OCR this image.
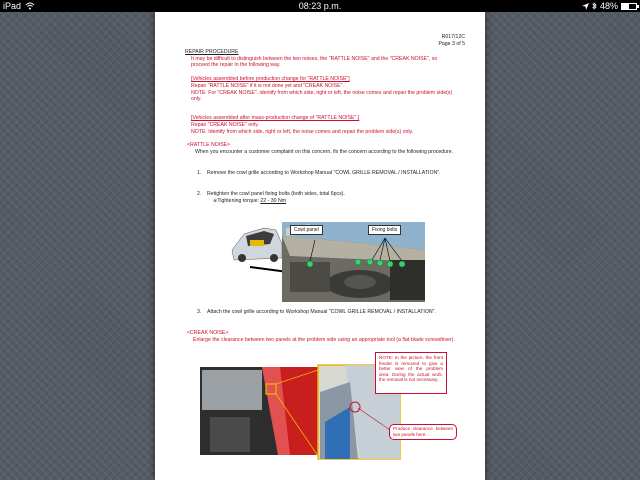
iPad	08:23 p.m.	48%
R017/12C
Page 3 of 5
REPAIR PROCEDURE
It may be difficult to distinguish between the two noises, the "RATTLE NOISE" and the "CREAK NOISE", so proceed the repair in the following way.
[Vehicles assembled before production change for "RATTLE NOISE"]
Repair "RATTLE NOISE" if it is not done yet and "CREAK NOISE".
NOTE: For "CREAK NOISE", identify from which side, right or left, the noise comes and repair the problem side(s) only.
[Vehicles assembled after mass-production change of "RATTLE NOISE".]
Repair "CREAK NOISE" only.
NOTE: Identify from which side, right or left, the noise comes and repair the problem side(s) only.
<RATTLE NOISE>
When you encounter a customer complaint on this concern, fix the concern according to the following procedure.
1. Remove the cowl grille according to Workshop Manual "COWL GRILLE REMOVAL / INSTALLATION".
2. Retighten the cowl panel fixing bolts (both sides, total 6pcs).
※Tightening torque: 22 - 30 Nm
Cowl panel	Fixing bolts
3. Attach the cowl grille according to Workshop Manual "COWL GRILLE REMOVAL / INSTALLATION".
<CREAK NOISE>
Enlarge the clearance between two panels at the problem side using an appropriate tool (a flat-blade screwdriver).
NOTE: In the picture, the front fender is removed to give a better view of the problem area. During the actual work, the removal is not necessary.
Produce clearance between two panels here.
